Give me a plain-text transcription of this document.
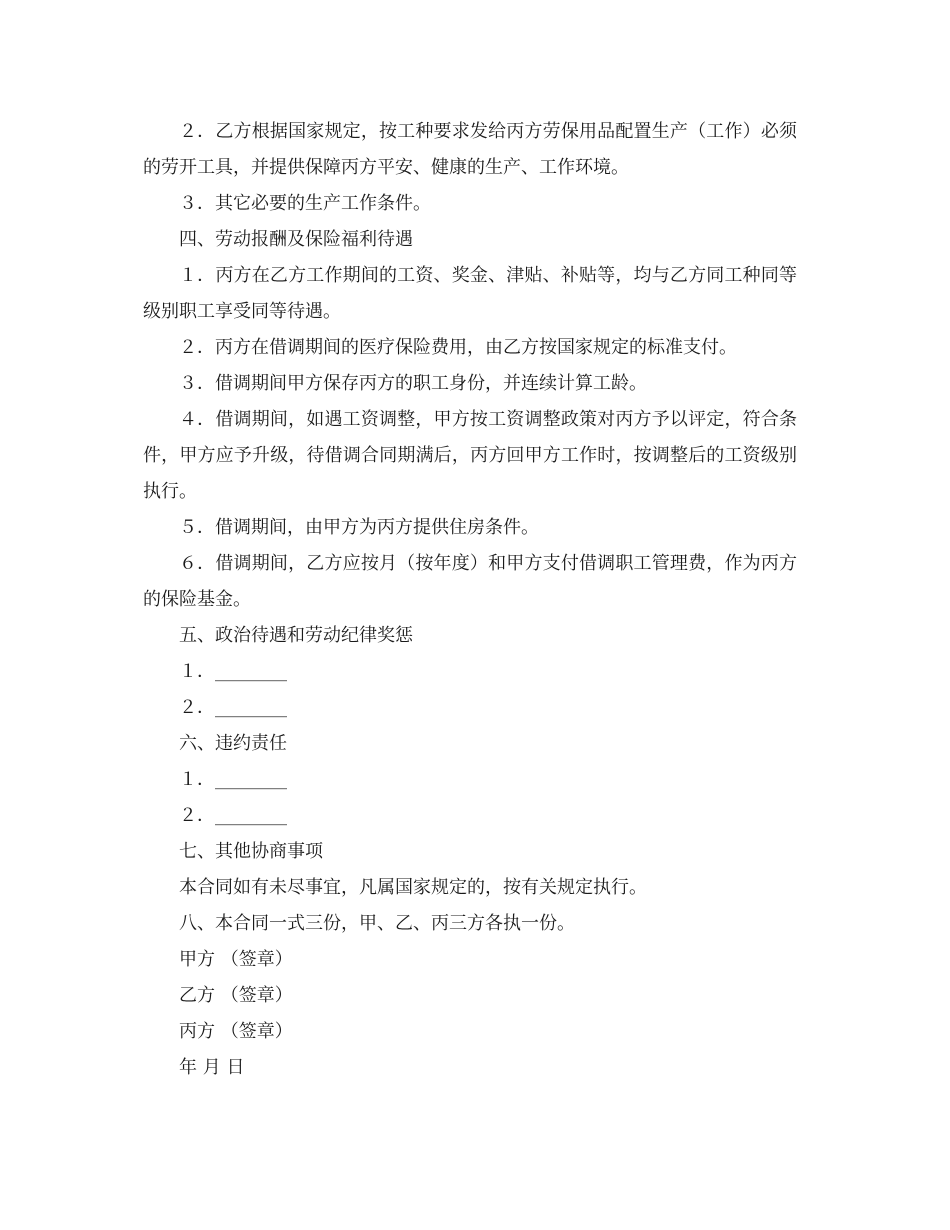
２．乙方根据国家规定，按工种要求发给丙方劳保用品配置生产（工作）必须的劳开工具，并提供保障丙方平安、健康的生产、工作环境。

３．其它必要的生产工作条件。

四、劳动报酬及保险福利待遇

１．丙方在乙方工作期间的工资、奖金、津贴、补贴等，均与乙方同工种同等级别职工享受同等待遇。

２．丙方在借调期间的医疗保险费用，由乙方按国家规定的标准支付。

３．借调期间甲方保存丙方的职工身份，并连续计算工龄。

４．借调期间，如遇工资调整，甲方按工资调整政策对丙方予以评定，符合条件，甲方应予升级，待借调合同期满后，丙方回甲方工作时，按调整后的工资级别执行。

５．借调期间，由甲方为丙方提供住房条件。

６．借调期间，乙方应按月（按年度）和甲方支付借调职工管理费，作为丙方的保险基金。

五、政治待遇和劳动纪律奖惩

１．________

２．________

六、违约责任

１．________

２．________

七、其他协商事项

本合同如有未尽事宜，凡属国家规定的，按有关规定执行。

八、本合同一式三份，甲、乙、丙三方各执一份。

甲方 （签章）

乙方 （签章）

丙方 （签章）

年 月 日
